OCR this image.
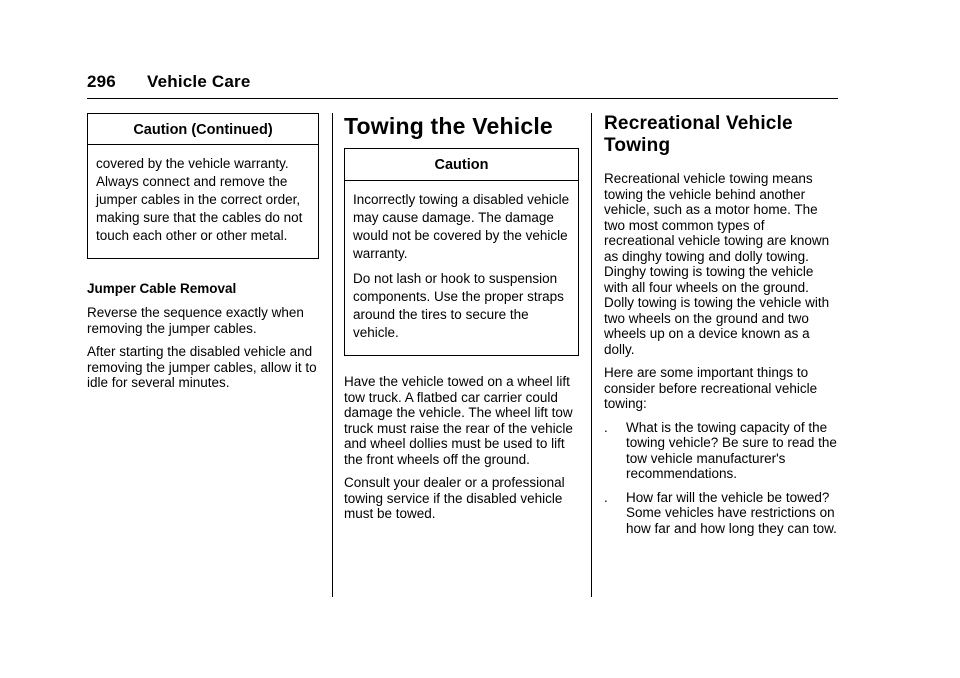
296 Vehicle Care
Caution (Continued)

covered by the vehicle warranty. Always connect and remove the jumper cables in the correct order, making sure that the cables do not touch each other or other metal.

Jumper Cable Removal

Reverse the sequence exactly when removing the jumper cables.

After starting the disabled vehicle and removing the jumper cables, allow it to idle for several minutes.

Towing the Vehicle
Caution

Incorrectly towing a disabled vehicle may cause damage. The damage would not be covered by the vehicle warranty.

Do not lash or hook to suspension components. Use the proper straps around the tires to secure the vehicle.

Have the vehicle towed on a wheel lift tow truck. A flatbed car carrier could damage the vehicle. The wheel lift tow truck must raise the rear of the vehicle and wheel dollies must be used to lift the front wheels off the ground.

Consult your dealer or a professional towing service if the disabled vehicle must be towed.

Recreational Vehicle
Towing

Recreational vehicle towing means towing the vehicle behind another vehicle, such as a motor home. The two most common types of recreational vehicle towing are known as dinghy towing and dolly towing. Dinghy towing is towing the vehicle with all four wheels on the ground. Dolly towing is towing the vehicle with two wheels on the ground and two wheels up on a device known as a dolly.

Here are some important things to consider before recreational vehicle towing:

. What is the towing capacity of the towing vehicle? Be sure to read the tow vehicle manufacturer's recommendations.
. How far will the vehicle be towed? Some vehicles have restrictions on how far and how long they can tow.
